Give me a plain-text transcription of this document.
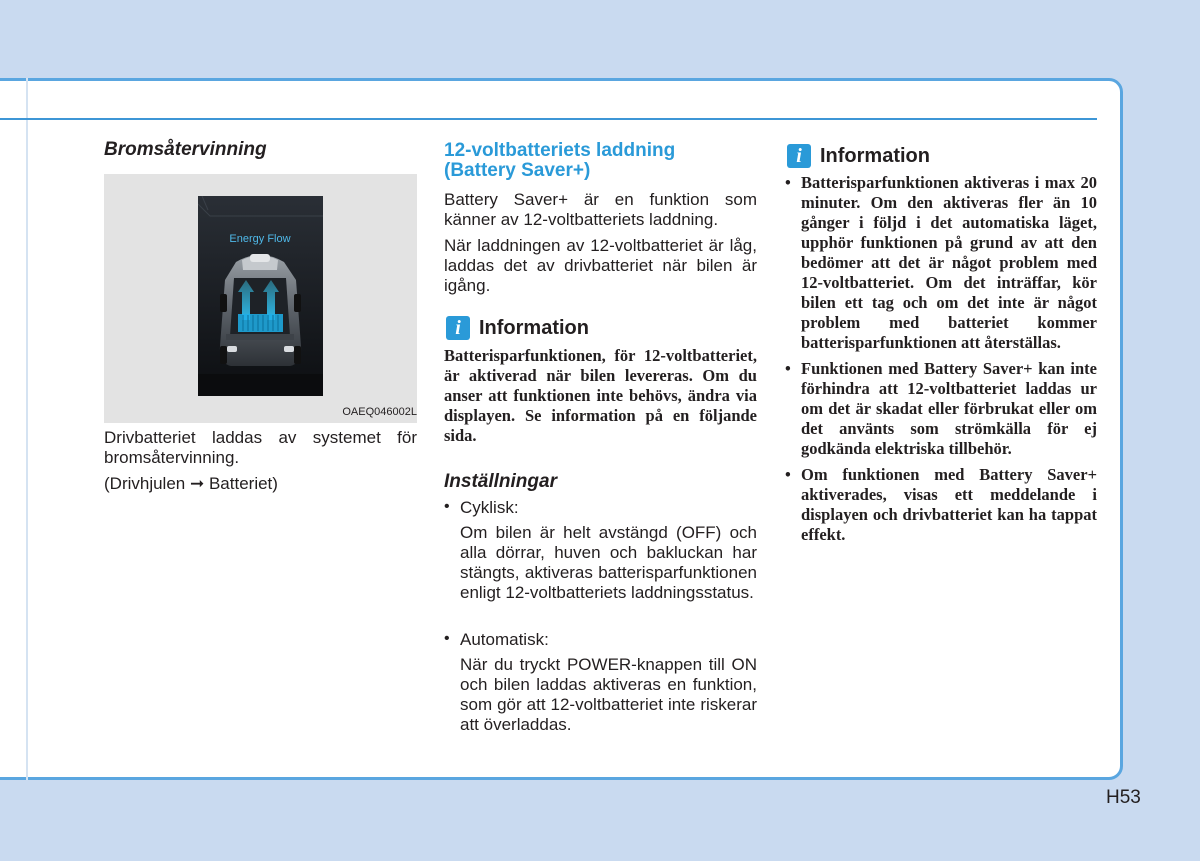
Bromsåtervinning
Energy Flow
OAEQ046002L

Drivbatteriet laddas av systemet för bromsåtervinning.

(Drivhjulen ➞ Batteriet)

12-voltbatteriets laddning (Battery Saver+)

Battery Saver+ är en funktion som känner av 12-voltbatteriets laddning.

När laddningen av 12-voltbatteriet är låg, laddas det av drivbatteriet när bilen är igång.

i Information

Batterisparfunktionen, för 12-voltbatteriet, är aktiverad när bilen levereras. Om du anser att funktionen inte behövs, ändra via displayen. Se information på en följande sida.

Inställningar
• Cyklisk:

Om bilen är helt avstängd (OFF) och alla dörrar, huven och bakluckan har stängts, aktiveras batterisparfunktionen enligt 12-voltbatteriets laddningsstatus.

• Automatisk:

När du tryckt POWER-knappen till ON och bilen laddas aktiveras en funktion, som gör att 12-voltbatteriet inte riskerar att överladdas.

i Information
• Batterisparfunktionen aktiveras i max 20 minuter. Om den aktiveras fler än 10 gånger i följd i det automatiska läget, upphör funktionen på grund av att den bedömer att det är något problem med 12-voltbatteriet. Om det inträffar, kör bilen ett tag och om det inte är något problem med batteriet kommer batterisparfunktionen att återställas.

• Funktionen med Battery Saver+ kan inte förhindra att 12-voltbatteriet laddas ur om det är skadat eller förbrukat eller om det använts som strömkälla för ej godkända elektriska tillbehör.

• Om funktionen med Battery Saver+ aktiverades, visas ett meddelande i displayen och drivbatteriet kan ha tappat effekt.

H53
